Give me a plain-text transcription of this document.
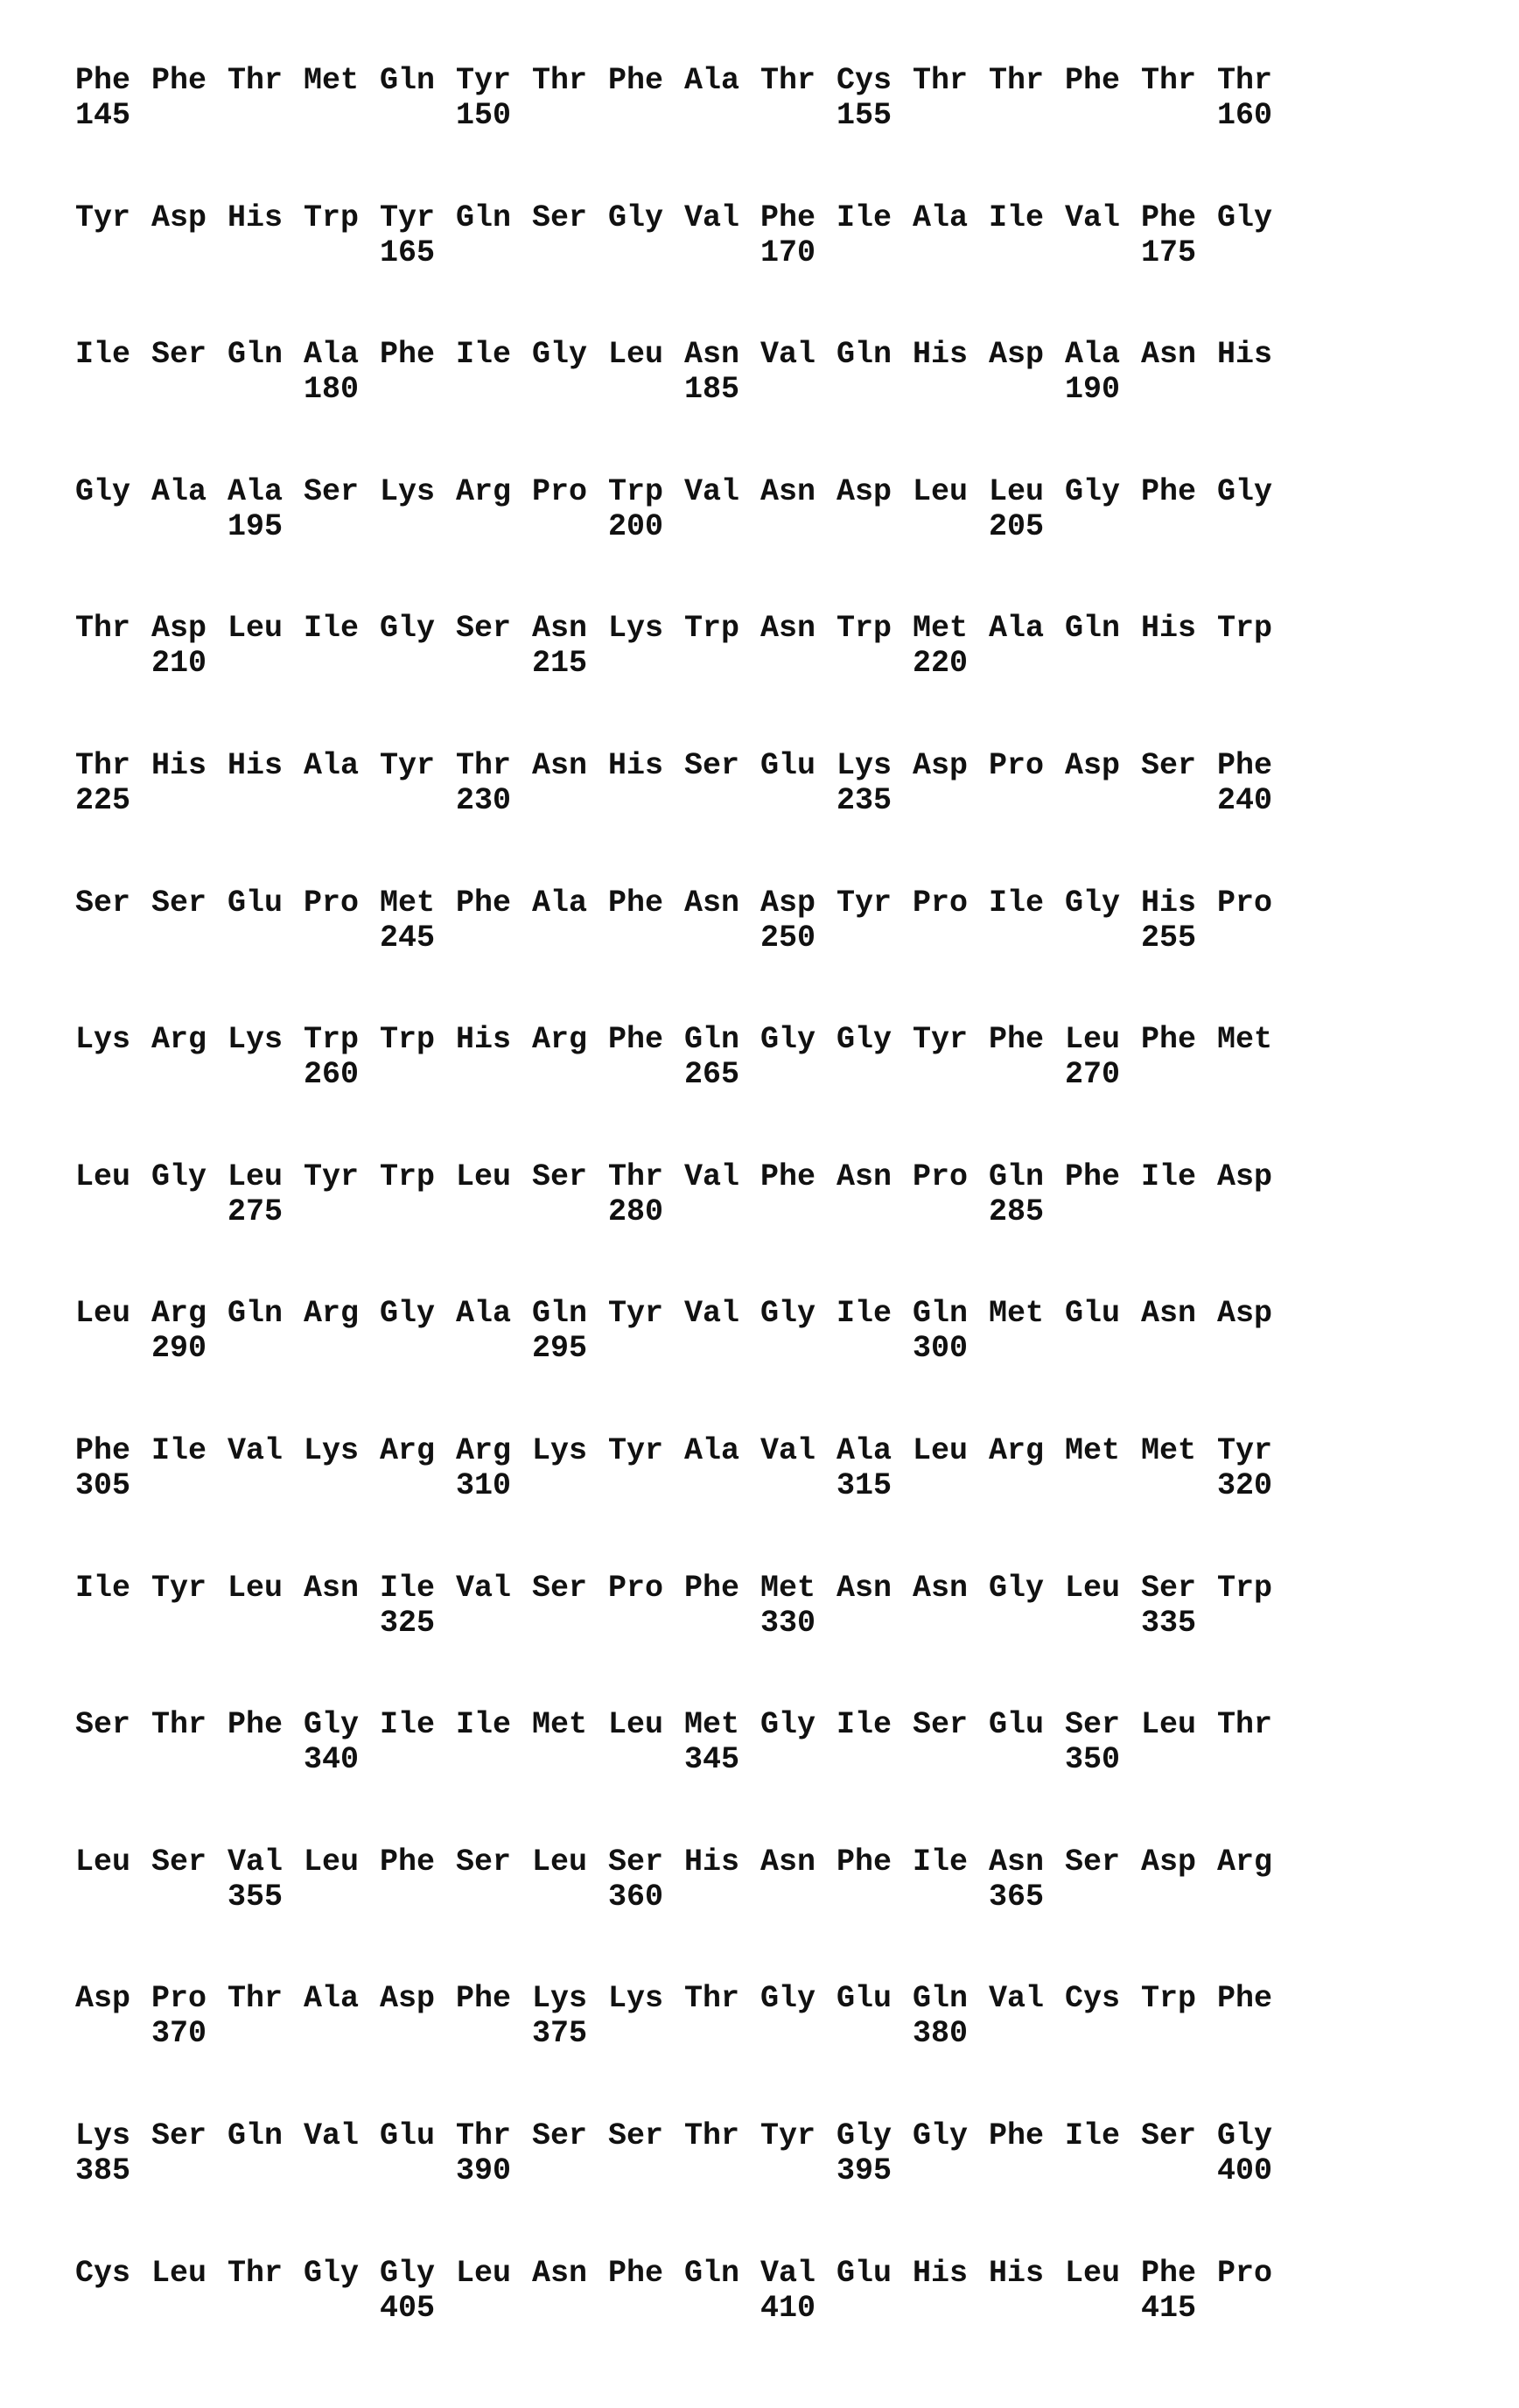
Phe Phe Thr Met Gln Tyr Thr Phe Ala Thr Cys Thr Thr Phe Thr Thr
145	150	155	160
Tyr Asp His Trp Tyr Gln Ser Gly Val Phe Ile Ala Ile Val Phe Gly
165	170	175
Ile Ser Gln Ala Phe Ile Gly Leu Asn Val Gln His Asp Ala Asn His
180	185	190
Gly Ala Ala Ser Lys Arg Pro Trp Val Asn Asp Leu Leu Gly Phe Gly
195	200	205
Thr Asp Leu Ile Gly Ser Asn Lys Trp Asn Trp Met Ala Gln His Trp
210	215	220
Thr His His Ala Tyr Thr Asn His Ser Glu Lys Asp Pro Asp Ser Phe
225	230	235	240
Ser Ser Glu Pro Met Phe Ala Phe Asn Asp Tyr Pro Ile Gly His Pro
245	250	255
Lys Arg Lys Trp Trp His Arg Phe Gln Gly Gly Tyr Phe Leu Phe Met
260	265	270
Leu Gly Leu Tyr Trp Leu Ser Thr Val Phe Asn Pro Gln Phe Ile Asp
275	280	285
Leu Arg Gln Arg Gly Ala Gln Tyr Val Gly Ile Gln Met Glu Asn Asp
290	295	300
Phe Ile Val Lys Arg Arg Lys Tyr Ala Val Ala Leu Arg Met Met Tyr
305	310	315	320
Ile Tyr Leu Asn Ile Val Ser Pro Phe Met Asn Asn Gly Leu Ser Trp
325	330	335
Ser Thr Phe Gly Ile Ile Met Leu Met Gly Ile Ser Glu Ser Leu Thr
340	345	350
Leu Ser Val Leu Phe Ser Leu Ser His Asn Phe Ile Asn Ser Asp Arg
355	360	365
Asp Pro Thr Ala Asp Phe Lys Lys Thr Gly Glu Gln Val Cys Trp Phe
370	375	380
Lys Ser Gln Val Glu Thr Ser Ser Thr Tyr Gly Gly Phe Ile Ser Gly
385	390	395	400
Cys Leu Thr Gly Gly Leu Asn Phe Gln Val Glu His His Leu Phe Pro
405	410	415
